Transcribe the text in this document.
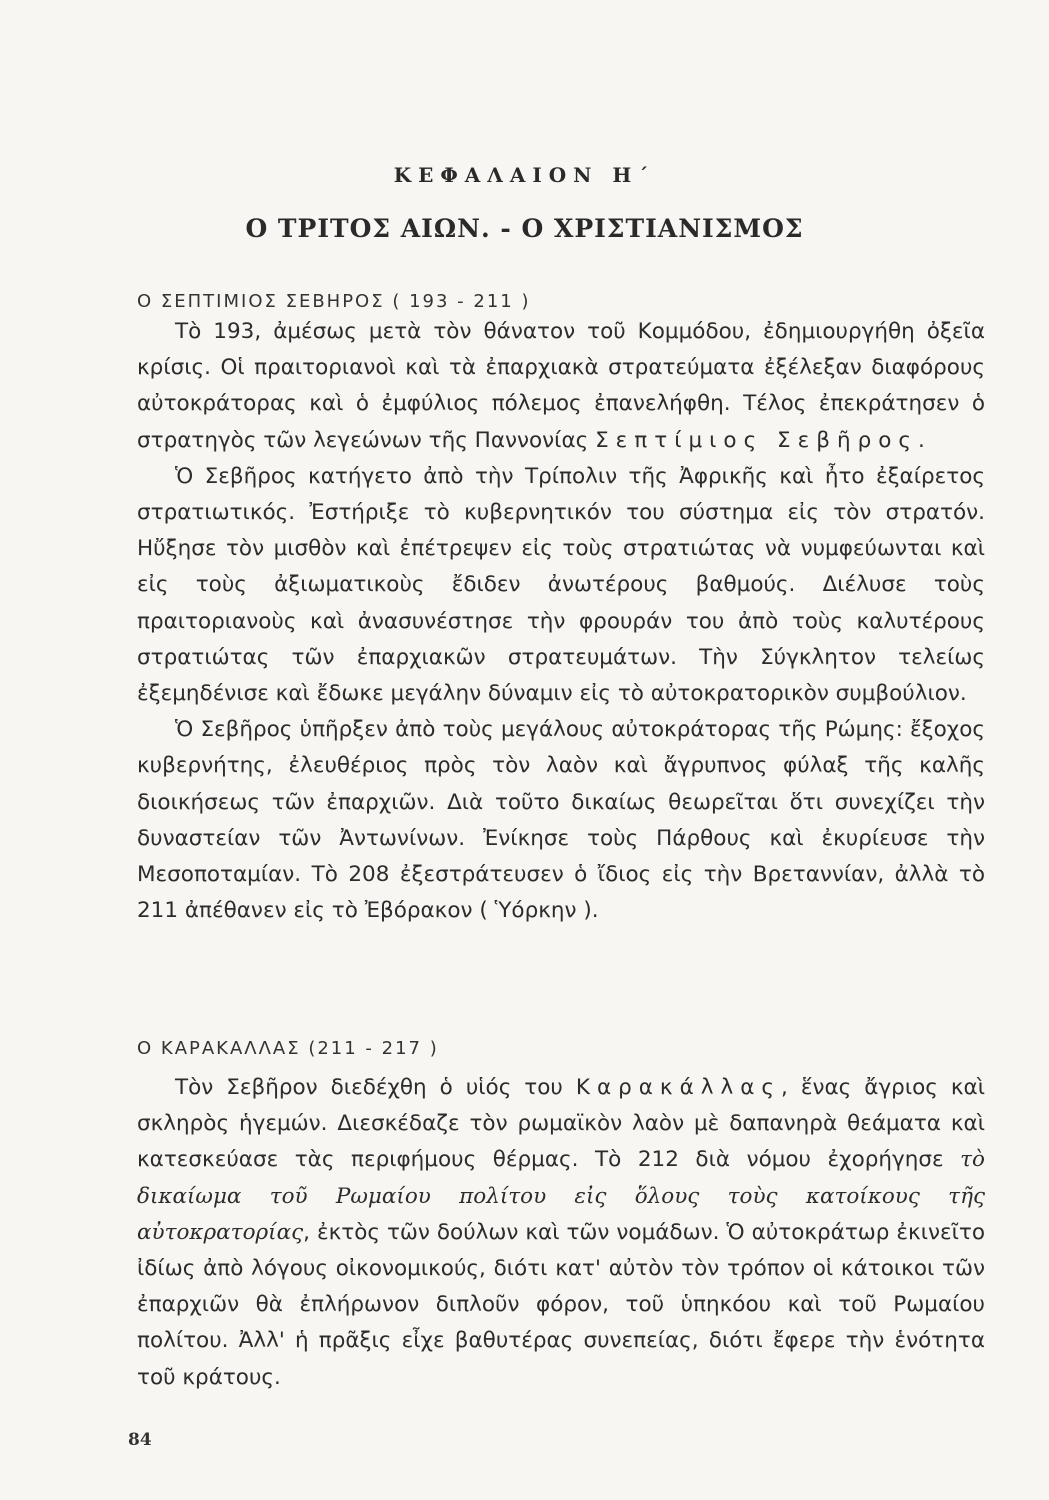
ΚΕΦΑΛΑΙΟΝ Η΄
Ο ΤΡΙΤΟΣ ΑΙΩΝ. - Ο ΧΡΙΣΤΙΑΝΙΣΜΟΣ
Ο ΣΕΠΤΙΜΙΟΣ ΣΕΒΗΡΟΣ ( 193 - 211 )

Τὸ 193, ἀμέσως μετὰ τὸν θάνατον τοῦ Κομμόδου, ἐδημιουργήθη ὀξεῖα κρίσις. Οἱ πραιτοριανοὶ καὶ τὰ ἐπαρχιακὰ στρατεύματα ἐξέλεξαν διαφόρους αὐτοκράτορας καὶ ὁ ἐμφύλιος πόλεμος ἐπανελήφθη. Τέλος ἐπεκράτησεν ὁ στρατηγὸς τῶν λεγεώνων τῆς Παννονίας Σεπτίμιος Σεβῆρος.

Ὁ Σεβῆρος κατήγετο ἀπὸ τὴν Τρίπολιν τῆς Ἀφρικῆς καὶ ἦτο ἐξαίρετος στρατιωτικός. Ἐστήριξε τὸ κυβερνητικόν του σύστημα εἰς τὸν στρατόν. Ηὔξησε τὸν μισθὸν καὶ ἐπέτρεψεν εἰς τοὺς στρατιώτας νὰ νυμφεύωνται καὶ εἰς τοὺς ἀξιωματικοὺς ἔδιδεν ἀνωτέρους βαθμούς. Διέλυσε τοὺς πραιτοριανοὺς καὶ ἀνασυνέστησε τὴν φρουράν του ἀπὸ τοὺς καλυτέρους στρατιώτας τῶν ἐπαρχιακῶν στρατευμάτων. Τὴν Σύγκλητον τελείως ἐξεμηδένισε καὶ ἔδωκε μεγάλην δύναμιν εἰς τὸ αὐτοκρατορικὸν συμβούλιον.

Ὁ Σεβῆρος ὑπῆρξεν ἀπὸ τοὺς μεγάλους αὐτοκράτορας τῆς Ρώμης: ἔξοχος κυβερνήτης, ἐλευθέριος πρὸς τὸν λαὸν καὶ ἄγρυπνος φύλαξ τῆς καλῆς διοικήσεως τῶν ἐπαρχιῶν. Διὰ τοῦτο δικαίως θεωρεῖται ὅτι συνεχίζει τὴν δυναστείαν τῶν Ἀντωνίνων. Ἐνίκησε τοὺς Πάρθους καὶ ἐκυρίευσε τὴν Μεσοποταμίαν. Τὸ 208 ἐξεστράτευσεν ὁ ἴδιος εἰς τὴν Βρεταννίαν, ἀλλὰ τὸ 211 ἀπέθανεν εἰς τὸ Ἐβόρακον ( Ὑόρκην ).

Ο ΚΑΡΑΚΑΛΛΑΣ (211 - 217 )

Τὸν Σεβῆρον διεδέχθη ὁ υἱός του Καρακάλλας, ἕνας ἄγριος καὶ σκληρὸς ἡγεμών. Διεσκέδαζε τὸν ρωμαϊκὸν λαὸν μὲ δαπανηρὰ θεάματα καὶ κατεσκεύασε τὰς περιφήμους θέρμας. Τὸ 212 διὰ νόμου ἐχορήγησε τὸ δικαίωμα τοῦ Ρωμαίου πολίτου εἰς ὅλους τοὺς κατοίκους τῆς αὐτοκρατορίας, ἐκτὸς τῶν δούλων καὶ τῶν νομάδων. Ὁ αὐτοκράτωρ ἐκινεῖτο ἰδίως ἀπὸ λόγους οἰκονομικούς, διότι κατ' αὐτὸν τὸν τρόπον οἱ κάτοικοι τῶν ἐπαρχιῶν θὰ ἐπλήρωνον διπλοῦν φόρον, τοῦ ὑπηκόου καὶ τοῦ Ρωμαίου πολίτου. Ἀλλ' ἡ πρᾶξις εἶχε βαθυτέρας συνεπείας, διότι ἔφερε τὴν ἑνότητα τοῦ κράτους.

84
